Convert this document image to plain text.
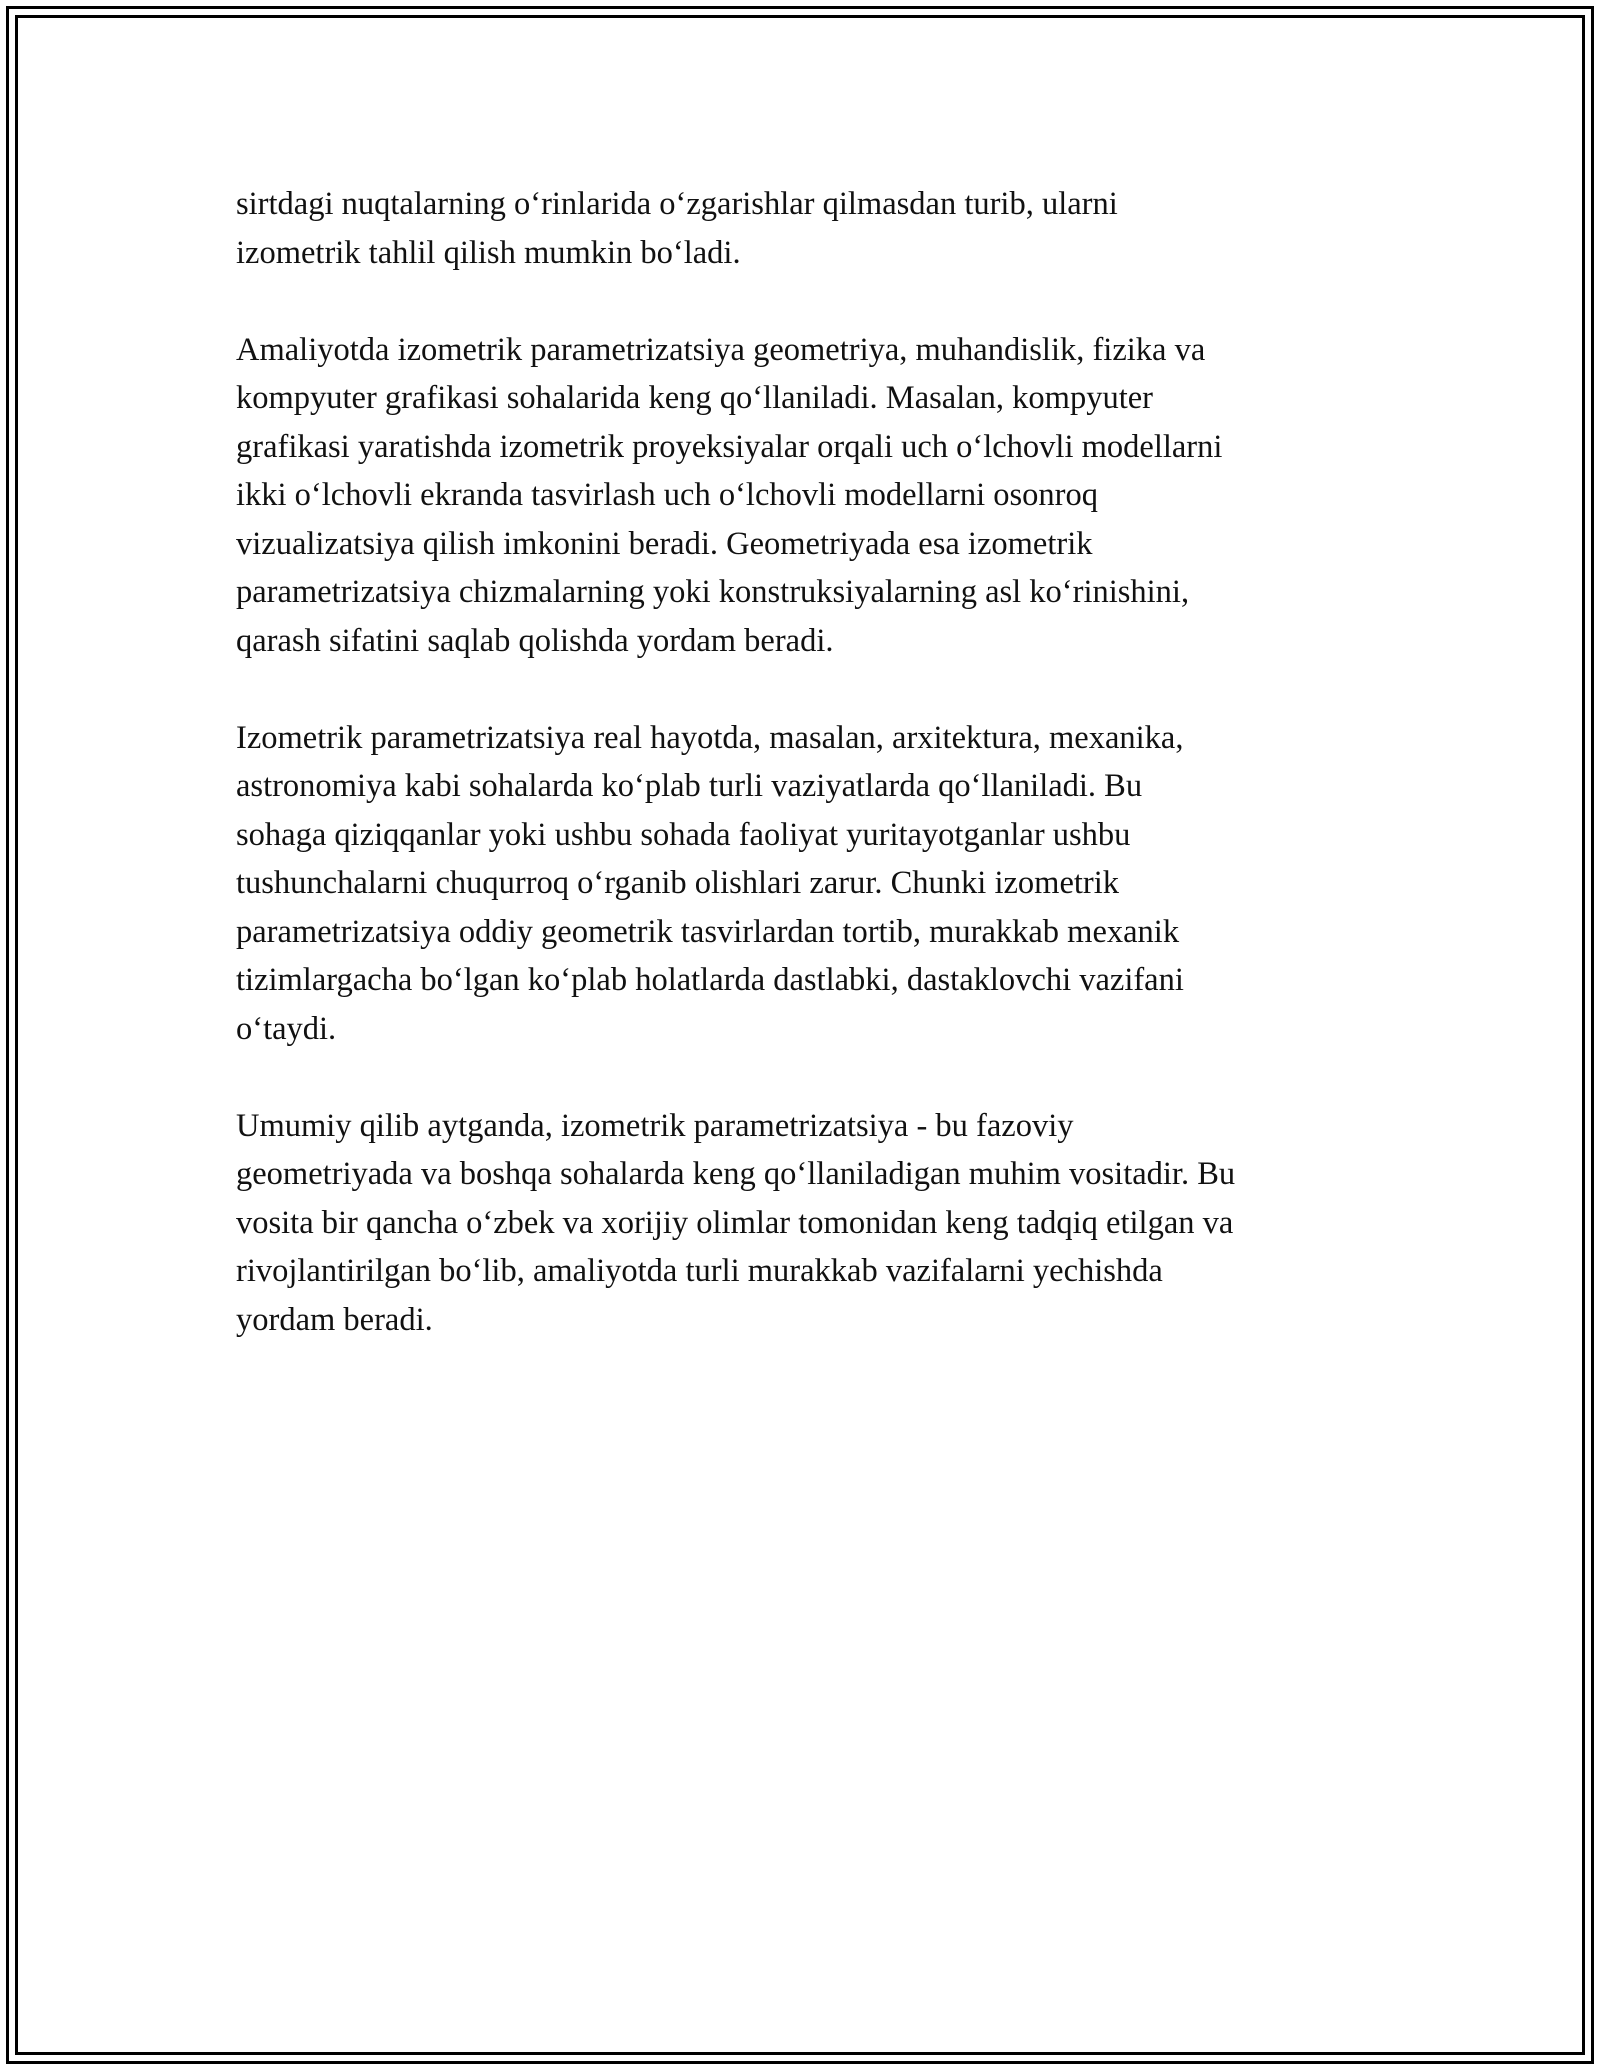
sirtdagi nuqtalarning o‘rinlarida o‘zgarishlar qilmasdan turib, ularni
izometrik tahlil qilish mumkin bo‘ladi.

Amaliyotda izometrik parametrizatsiya geometriya, muhandislik, fizika va
kompyuter grafikasi sohalarida keng qo‘llaniladi. Masalan, kompyuter
grafikasi yaratishda izometrik proyeksiyalar orqali uch o‘lchovli modellarni
ikki o‘lchovli ekranda tasvirlash uch o‘lchovli modellarni osonroq
vizualizatsiya qilish imkonini beradi. Geometriyada esa izometrik
parametrizatsiya chizmalarning yoki konstruksiyalarning asl ko‘rinishini,
qarash sifatini saqlab qolishda yordam beradi.

Izometrik parametrizatsiya real hayotda, masalan, arxitektura, mexanika,
astronomiya kabi sohalarda ko‘plab turli vaziyatlarda qo‘llaniladi. Bu
sohaga qiziqqanlar yoki ushbu sohada faoliyat yuritayotganlar ushbu
tushunchalarni chuqurroq o‘rganib olishlari zarur. Chunki izometrik
parametrizatsiya oddiy geometrik tasvirlardan tortib, murakkab mexanik
tizimlargacha bo‘lgan ko‘plab holatlarda dastlabki, dastaklovchi vazifani
o‘taydi.

Umumiy qilib aytganda, izometrik parametrizatsiya - bu fazoviy
geometriyada va boshqa sohalarda keng qo‘llaniladigan muhim vositadir. Bu
vosita bir qancha o‘zbek va xorijiy olimlar tomonidan keng tadqiq etilgan va
rivojlantirilgan bo‘lib, amaliyotda turli murakkab vazifalarni yechishda
yordam beradi.
